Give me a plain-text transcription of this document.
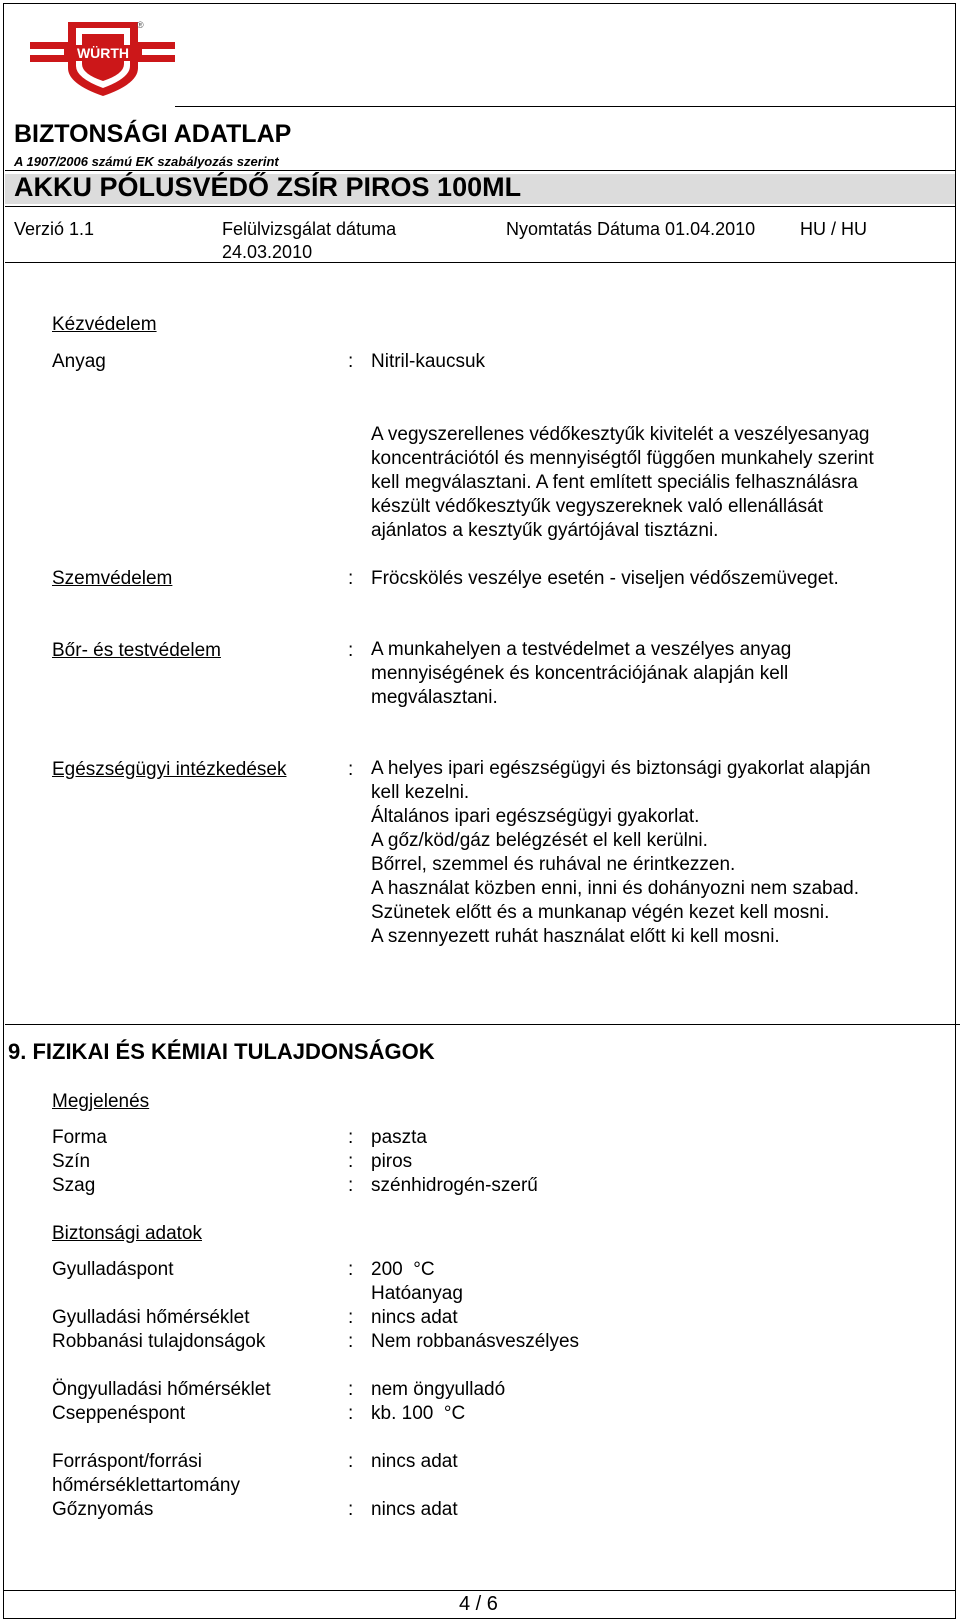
WÜRTH
®
BIZTONSÁGI ADATLAP
A 1907/2006 számú EK szabályozás szerint
AKKU PÓLUSVÉDŐ ZSÍR PIROS 100ML
Verzió 1.1	Felülvizsgálat dátuma
24.03.2010
Nyomtatás Dátuma 01.04.2010 HU / HU
Kézvédelem
Anyag	: Nitril-kaucsuk
A vegyszerellenes védőkesztyűk kivitelét a veszélyesanyag
koncentrációtól és mennyiségtől függően munkahely szerint
kell megválasztani. A fent említett speciális felhasználásra
készült védőkesztyűk vegyszereknek való ellenállását
ajánlatos a kesztyűk gyártójával tisztázni.
Szemvédelem	: Fröcskölés veszélye esetén - viseljen védőszemüveget.
Bőr- és testvédelem	: A munkahelyen a testvédelmet a veszélyes anyag
mennyiségének és koncentrációjának alapján kell
megválasztani.
Egészségügyi intézkedések	: A helyes ipari egészségügyi és biztonsági gyakorlat alapján
kell kezelni.
Általános ipari egészségügyi gyakorlat.
A gőz/köd/gáz belégzését el kell kerülni.
Bőrrel, szemmel és ruhával ne érintkezzen.
A használat közben enni, inni és dohányozni nem szabad.
Szünetek előtt és a munkanap végén kezet kell mosni.
A szennyezett ruhát használat előtt ki kell mosni.
9. FIZIKAI ÉS KÉMIAI TULAJDONSÁGOK
Megjelenés
Forma	: paszta
Szín	: piros
Szag	: szénhidrogén-szerű
Biztonsági adatok
Gyulladáspont	: 200  °C
Hatóanyag
Gyulladási hőmérséklet	: nincs adat
Robbanási tulajdonságok	: Nem robbanásveszélyes
Öngyulladási hőmérséklet	: nem öngyulladó
Cseppenéspont	: kb. 100  °C
Forráspont/forrási
hőmérséklettartomány
: nincs adat
Gőznyomás	: nincs adat
4 / 6
